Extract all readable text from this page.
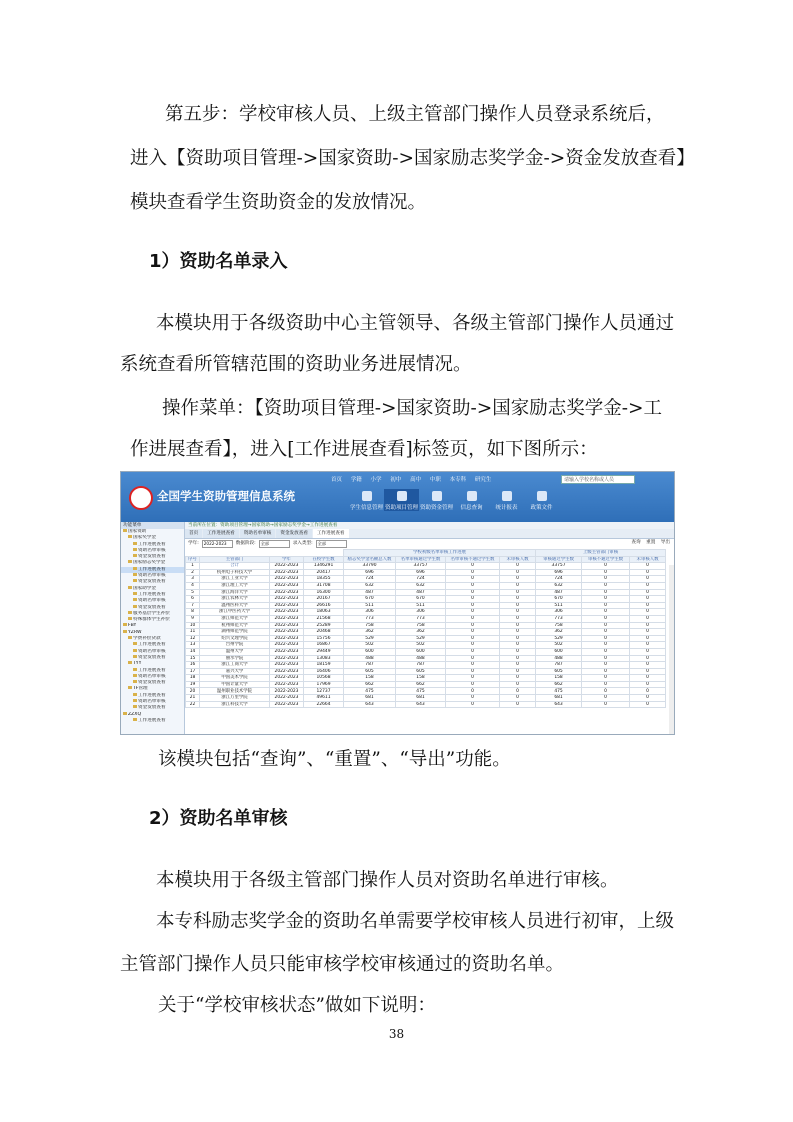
第五步：学校审核人员、上级主管部门操作人员登录系统后，
进入【资助项目管理->国家资助->国家励志奖学金->资金发放查看】
模块查看学生资助资金的发放情况。
1）资助名单录入
本模块用于各级资助中心主管领导、各级主管部门操作人员通过
系统查看所管辖范围的资助业务进展情况。
操作菜单：【资助项目管理->国家资助->国家励志奖学金->工
作进展查看】，进入[工作进展查看]标签页，如下图所示：
全国学生资助管理信息系统
首页 学籍 小学 初中 高中 中职 本专科 研究生	请输入学校名称或人员
学生信息管理 资助项目管理 资助资金管理	信息查询	统计报表	政策文件
功能菜单
国家资助
国家奖学金
工作进展查看
资助名单审核
资金发放查看
国家励志奖学金
工作进展查看
资助名单审核
资金发放查看
国家助学金
工作进展查看
资助名单审核
资金发放查看
服务基层学生补偿
特殊群体学生补偿
FBY
YZRW
学费补偿贷款
工作进展查看
资助名单审核
资金发放查看
TYY
工作进展查看
资助名单审核
资金发放查看
TF管理
工作进展查看
资助名单审核
资金发放查看
ZZXQ
工作进展查看
当前所在位置：资助项目管理→国家资助→国家励志奖学金→工作进展查看
首页	工作进展查看	资助名单审核	资金发放查看	工作进展查看
学年:	2022-2023	数据阶段:	全部	录入类型:	全部	查询 重置 导出
				学校初级名单审核工作进展				上级主管部门审核		
序号	主管部门	学年	在校学生数	励志奖学金名额总人数	名单审核通过学生数	名单审核不通过学生数	未审核人数	审核通过学生数	审核不通过学生数	未审核人数
1	合计	2022-2023	1346291	33790	33757	0	0	33757	0	0
2	杭州电子科技大学	2022-2023	20417	696	696	0	0	696	0	0
3	浙江工业大学	2022-2023	18355	724	724	0	0	724	0	0
4	浙江理工大学	2022-2023	31708	632	632	0	0	632	0	0
5	浙江海洋大学	2022-2023	16300	487	487	0	0	487	0	0
6	浙江农林大学	2022-2023	20167	670	670	0	0	670	0	0
7	温州医科大学	2022-2023	26616	511	511	0	0	511	0	0
8	浙江中医药大学	2022-2023	18063	306	306	0	0	306	0	0
9	浙江师范大学	2022-2023	21568	773	773	0	0	773	0	0
10	杭州师范大学	2022-2023	25289	758	758	0	0	758	0	0
11	湖州师范学院	2022-2023	20468	362	362	0	0	362	0	0
12	绍兴文理学院	2022-2023	15756	529	529	0	0	529	0	0
13	台州学院	2022-2023	16867	502	502	0	0	502	0	0
14	温州大学	2022-2023	29449	600	600	0	0	600	0	0
15	丽水学院	2022-2023	13083	488	488	0	0	488	0	0
16	浙江工商大学	2022-2023	18159	787	787	0	0	787	0	0
17	嘉兴大学	2022-2023	16406	605	605	0	0	605	0	0
18	中国美术学院	2022-2023	10568	158	158	0	0	158	0	0
19	中国计量大学	2022-2023	17969	662	662	0	0	662	0	0
20	温州职业技术学院	2022-2023	12737	475	475	0	0	475	0	0
21	浙江万里学院	2022-2023	49611	681	681	0	0	681	0	0
22	浙江科技大学	2022-2023	22664	643	643	0	0	643	0	0
该模块包括“查询”、“重置”、“导出”功能。
2）资助名单审核
本模块用于各级主管部门操作人员对资助名单进行审核。
本专科励志奖学金的资助名单需要学校审核人员进行初审，上级
主管部门操作人员只能审核学校审核通过的资助名单。
关于“学校审核状态”做如下说明：
38
